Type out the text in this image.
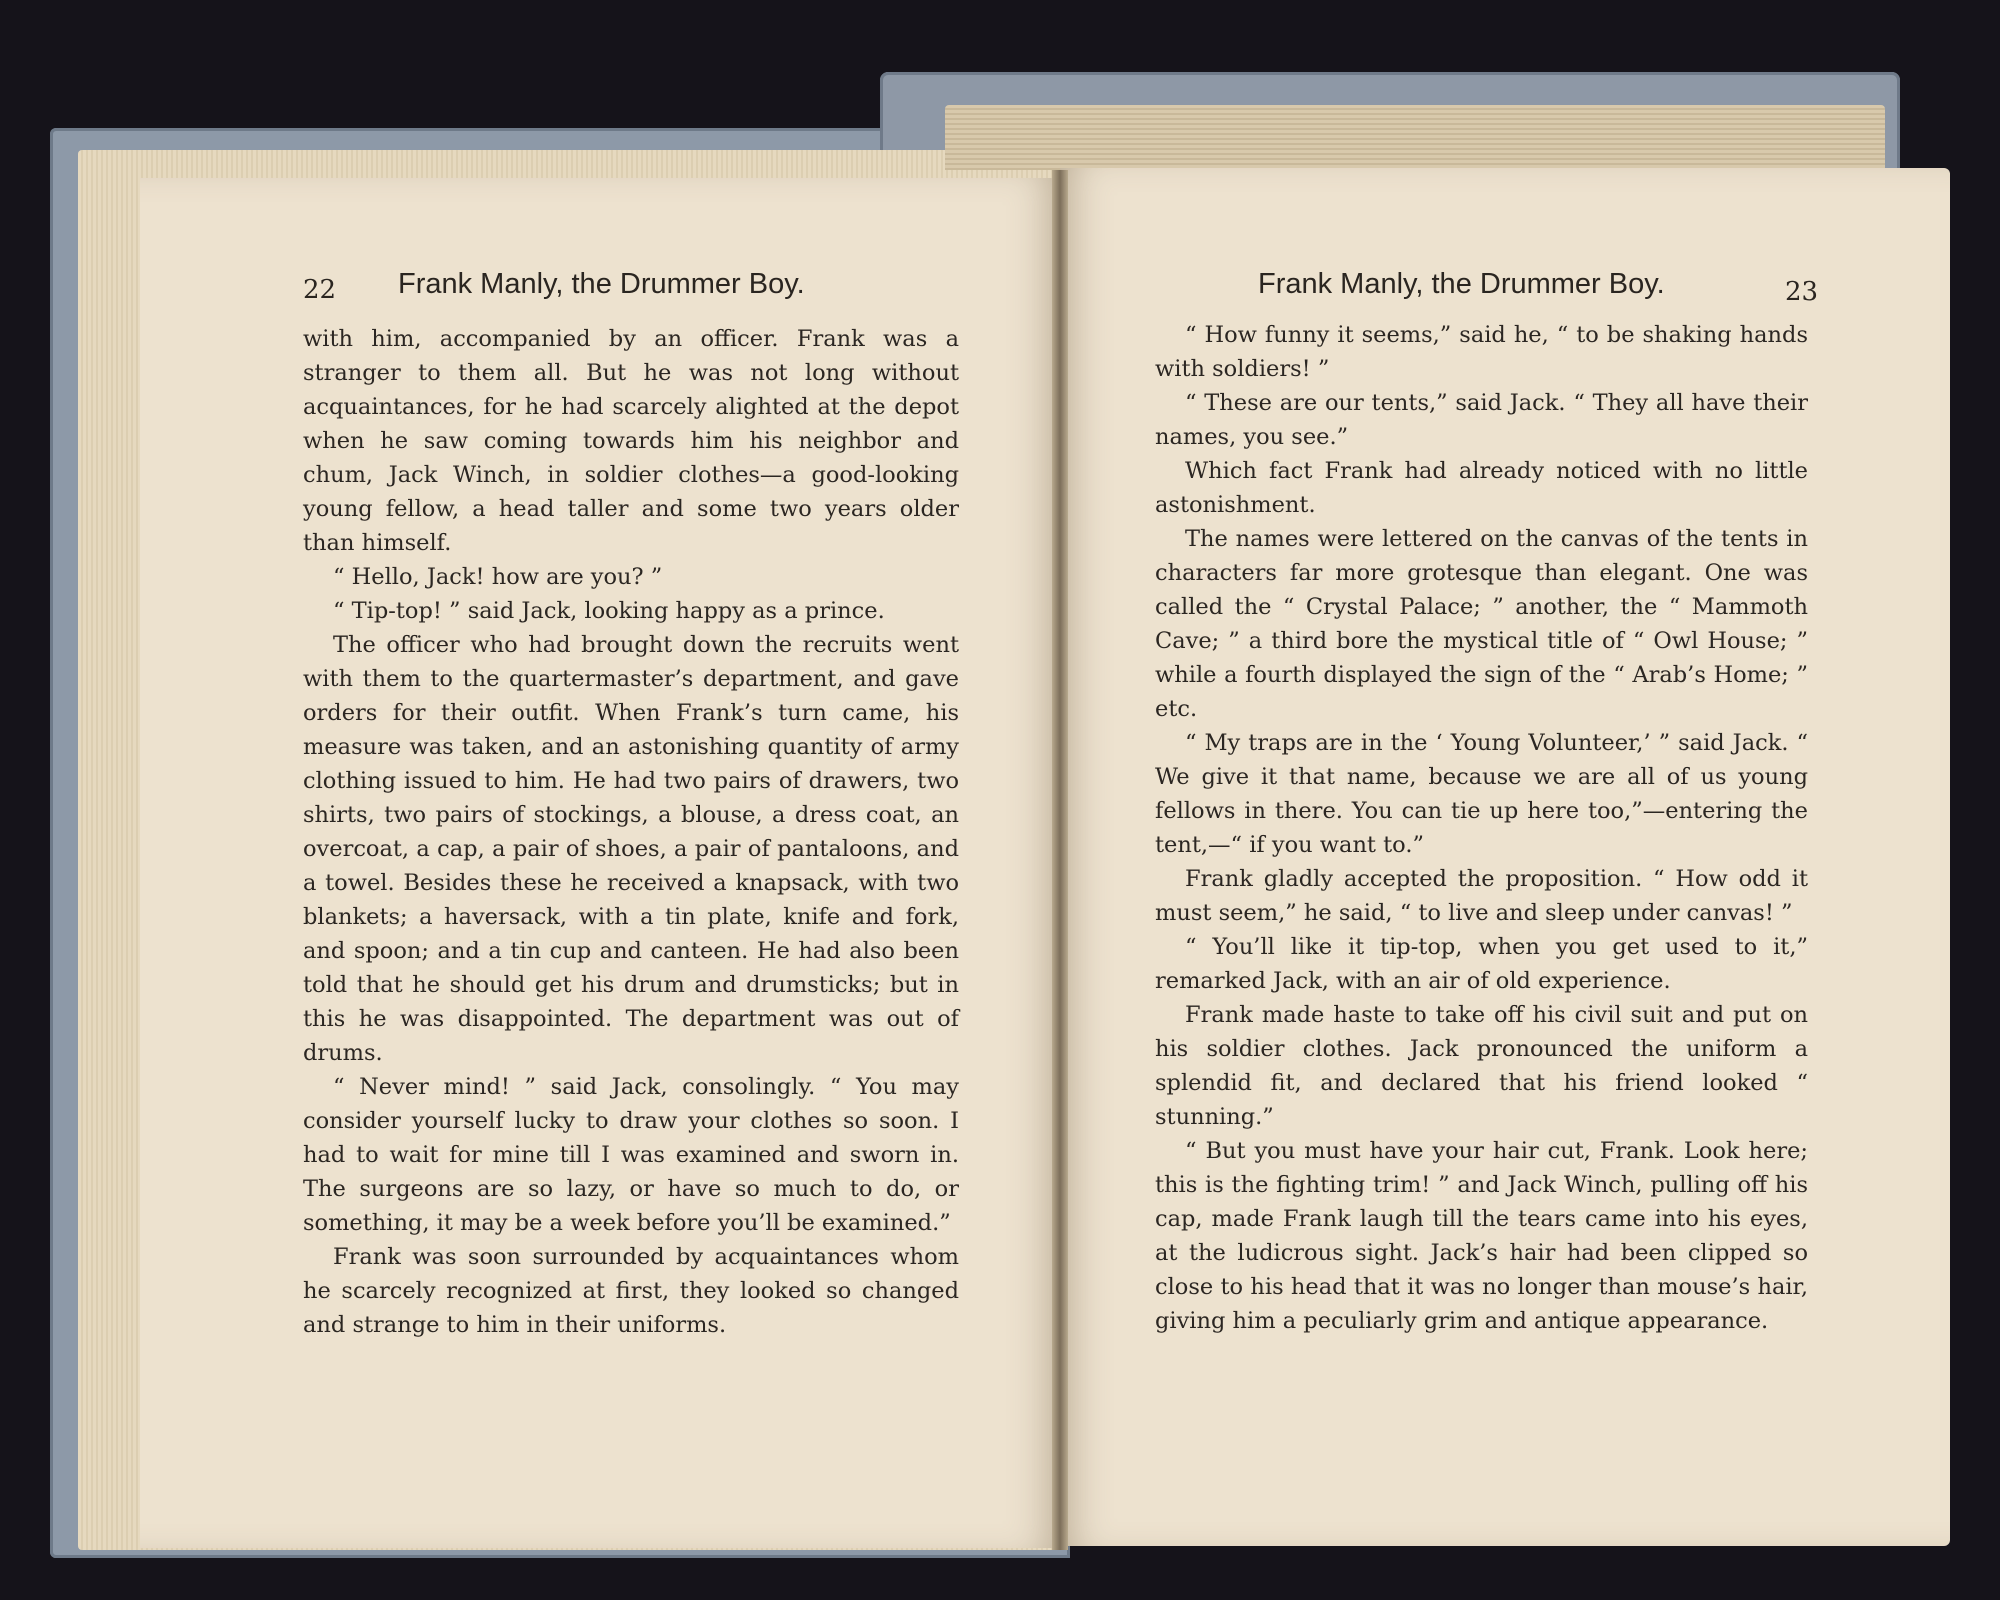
22 Frank Manly, the Drummer Boy.	Frank Manly, the Drummer Boy.	23

with him, accompanied by an officer. Frank was a stranger to them all. But he was not long without acquaintances, for he had scarcely alighted at the depot when he saw coming towards him his neighbor and chum, Jack Winch, in soldier clothes—a good-looking young fellow, a head taller and some two years older than himself.

“ Hello, Jack! how are you? ”

“ Tip-top! ” said Jack, looking happy as a prince.

The officer who had brought down the recruits went with them to the quartermaster’s department, and gave orders for their outfit. When Frank’s turn came, his measure was taken, and an astonishing quantity of army clothing issued to him. He had two pairs of drawers, two shirts, two pairs of stockings, a blouse, a dress coat, an overcoat, a cap, a pair of shoes, a pair of pantaloons, and a towel. Besides these he received a knapsack, with two blankets; a haversack, with a tin plate, knife and fork, and spoon; and a tin cup and canteen. He had also been told that he should get his drum and drumsticks; but in this he was disappointed. The department was out of drums.

“ Never mind! ” said Jack, consolingly. “ You may consider yourself lucky to draw your clothes so soon. I had to wait for mine till I was examined and sworn in. The surgeons are so lazy, or have so much to do, or something, it may be a week before you’ll be examined.”

Frank was soon surrounded by acquaintances whom he scarcely recognized at first, they looked so changed and strange to him in their uniforms.

“ How funny it seems,” said he, “ to be shaking hands with soldiers! ”

“ These are our tents,” said Jack. “ They all have their names, you see.”

Which fact Frank had already noticed with no little astonishment.

The names were lettered on the canvas of the tents in characters far more grotesque than elegant. One was called the “ Crystal Palace; ” another, the “ Mammoth Cave; ” a third bore the mystical title of “ Owl House; ” while a fourth displayed the sign of the “ Arab’s Home; ” etc.

“ My traps are in the ‘ Young Volunteer,’ ” said Jack. “ We give it that name, because we are all of us young fellows in there. You can tie up here too,”—entering the tent,—“ if you want to.”

Frank gladly accepted the proposition. “ How odd it must seem,” he said, “ to live and sleep under canvas! ”

“ You’ll like it tip-top, when you get used to it,” remarked Jack, with an air of old experience.

Frank made haste to take off his civil suit and put on his soldier clothes. Jack pronounced the uniform a splendid fit, and declared that his friend looked “ stunning.”

“ But you must have your hair cut, Frank. Look here; this is the fighting trim! ” and Jack Winch, pulling off his cap, made Frank laugh till the tears came into his eyes, at the ludicrous sight. Jack’s hair had been clipped so close to his head that it was no longer than mouse’s hair, giving him a peculiarly grim and antique appearance.
